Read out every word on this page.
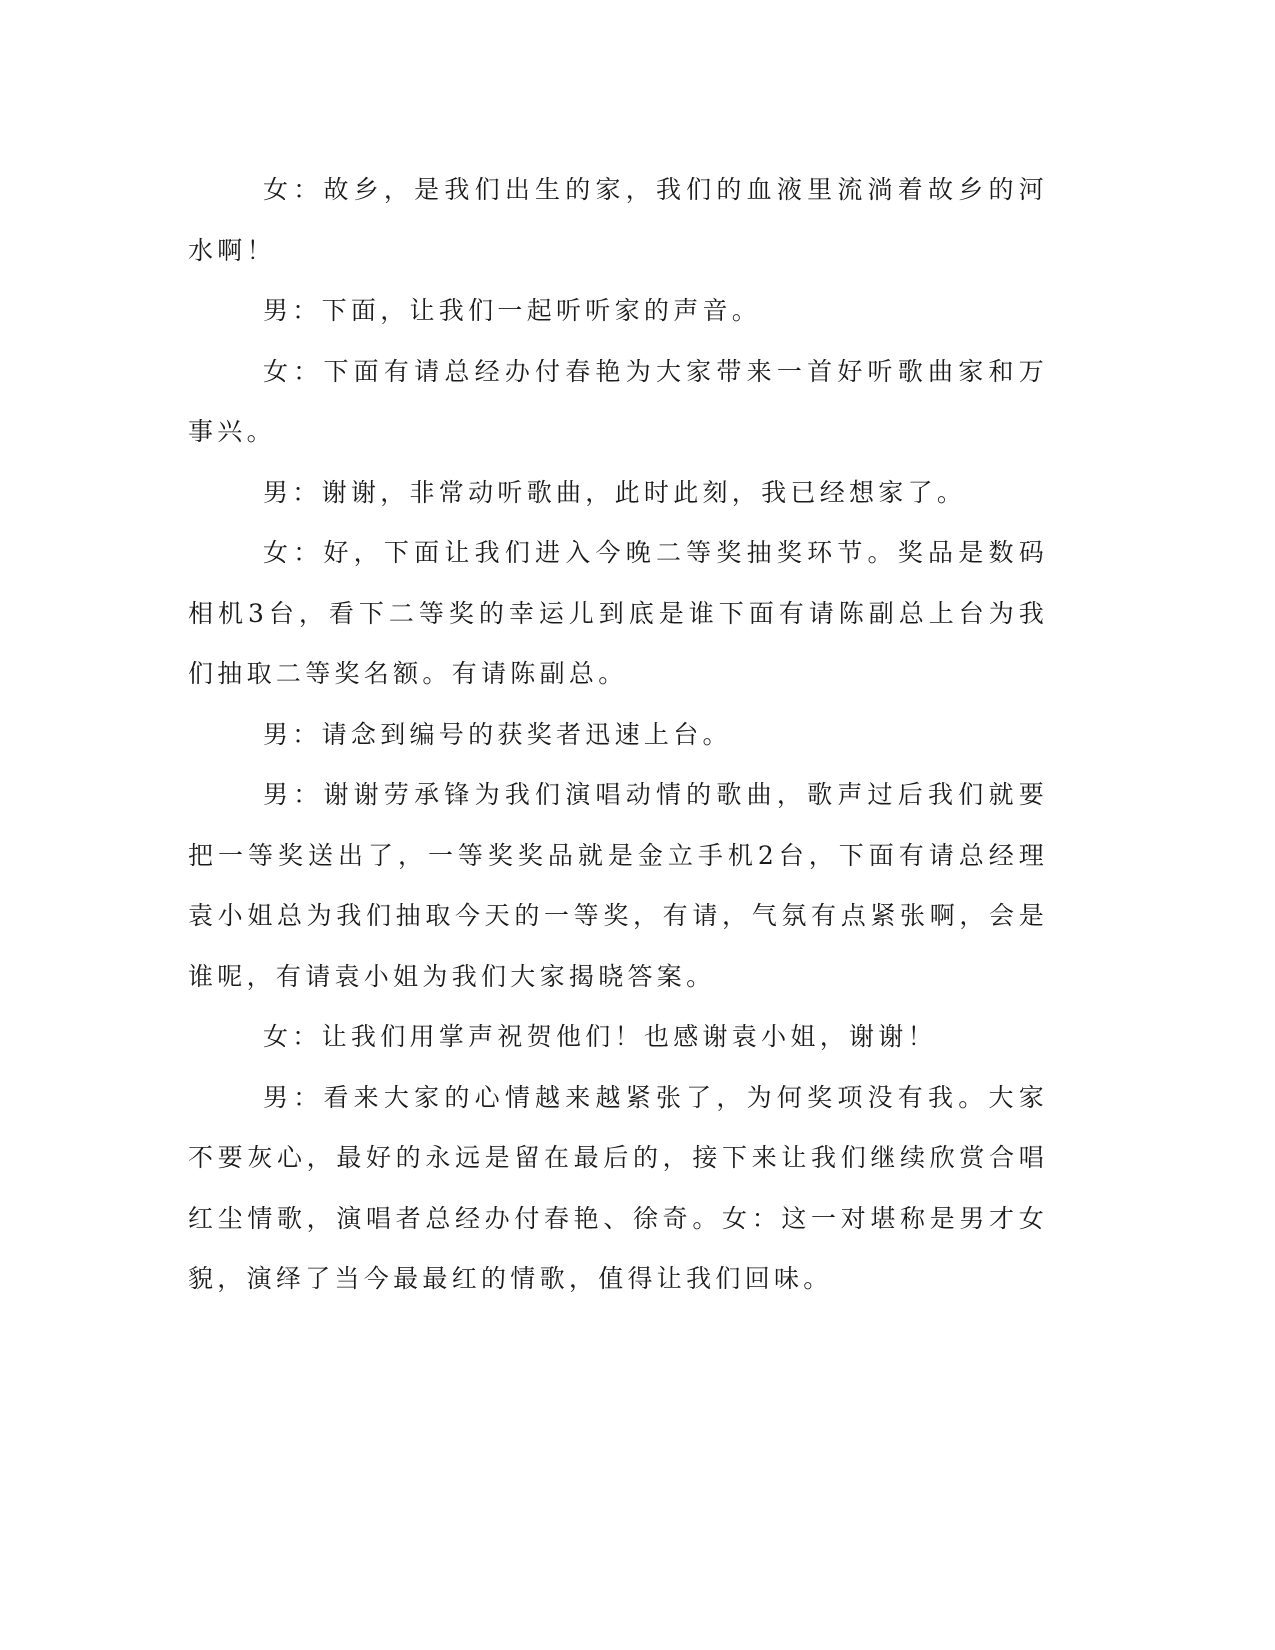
女：故乡，是我们出生的家，我们的血液里流淌着故乡的河水啊！

男：下面，让我们一起听听家的声音。

女：下面有请总经办付春艳为大家带来一首好听歌曲家和万事兴。

男：谢谢，非常动听歌曲，此时此刻，我已经想家了。

女：好，下面让我们进入今晚二等奖抽奖环节。奖品是数码相机3台，看下二等奖的幸运儿到底是谁下面有请陈副总上台为我们抽取二等奖名额。有请陈副总。

男：请念到编号的获奖者迅速上台。

男：谢谢劳承锋为我们演唱动情的歌曲，歌声过后我们就要把一等奖送出了，一等奖奖品就是金立手机2台，下面有请总经理袁小姐总为我们抽取今天的一等奖，有请，气氛有点紧张啊，会是谁呢，有请袁小姐为我们大家揭晓答案。

女：让我们用掌声祝贺他们！也感谢袁小姐，谢谢！

男：看来大家的心情越来越紧张了，为何奖项没有我。大家不要灰心，最好的永远是留在最后的，接下来让我们继续欣赏合唱红尘情歌，演唱者总经办付春艳、徐奇。女：这一对堪称是男才女貌，演绎了当今最最红的情歌，值得让我们回味。
